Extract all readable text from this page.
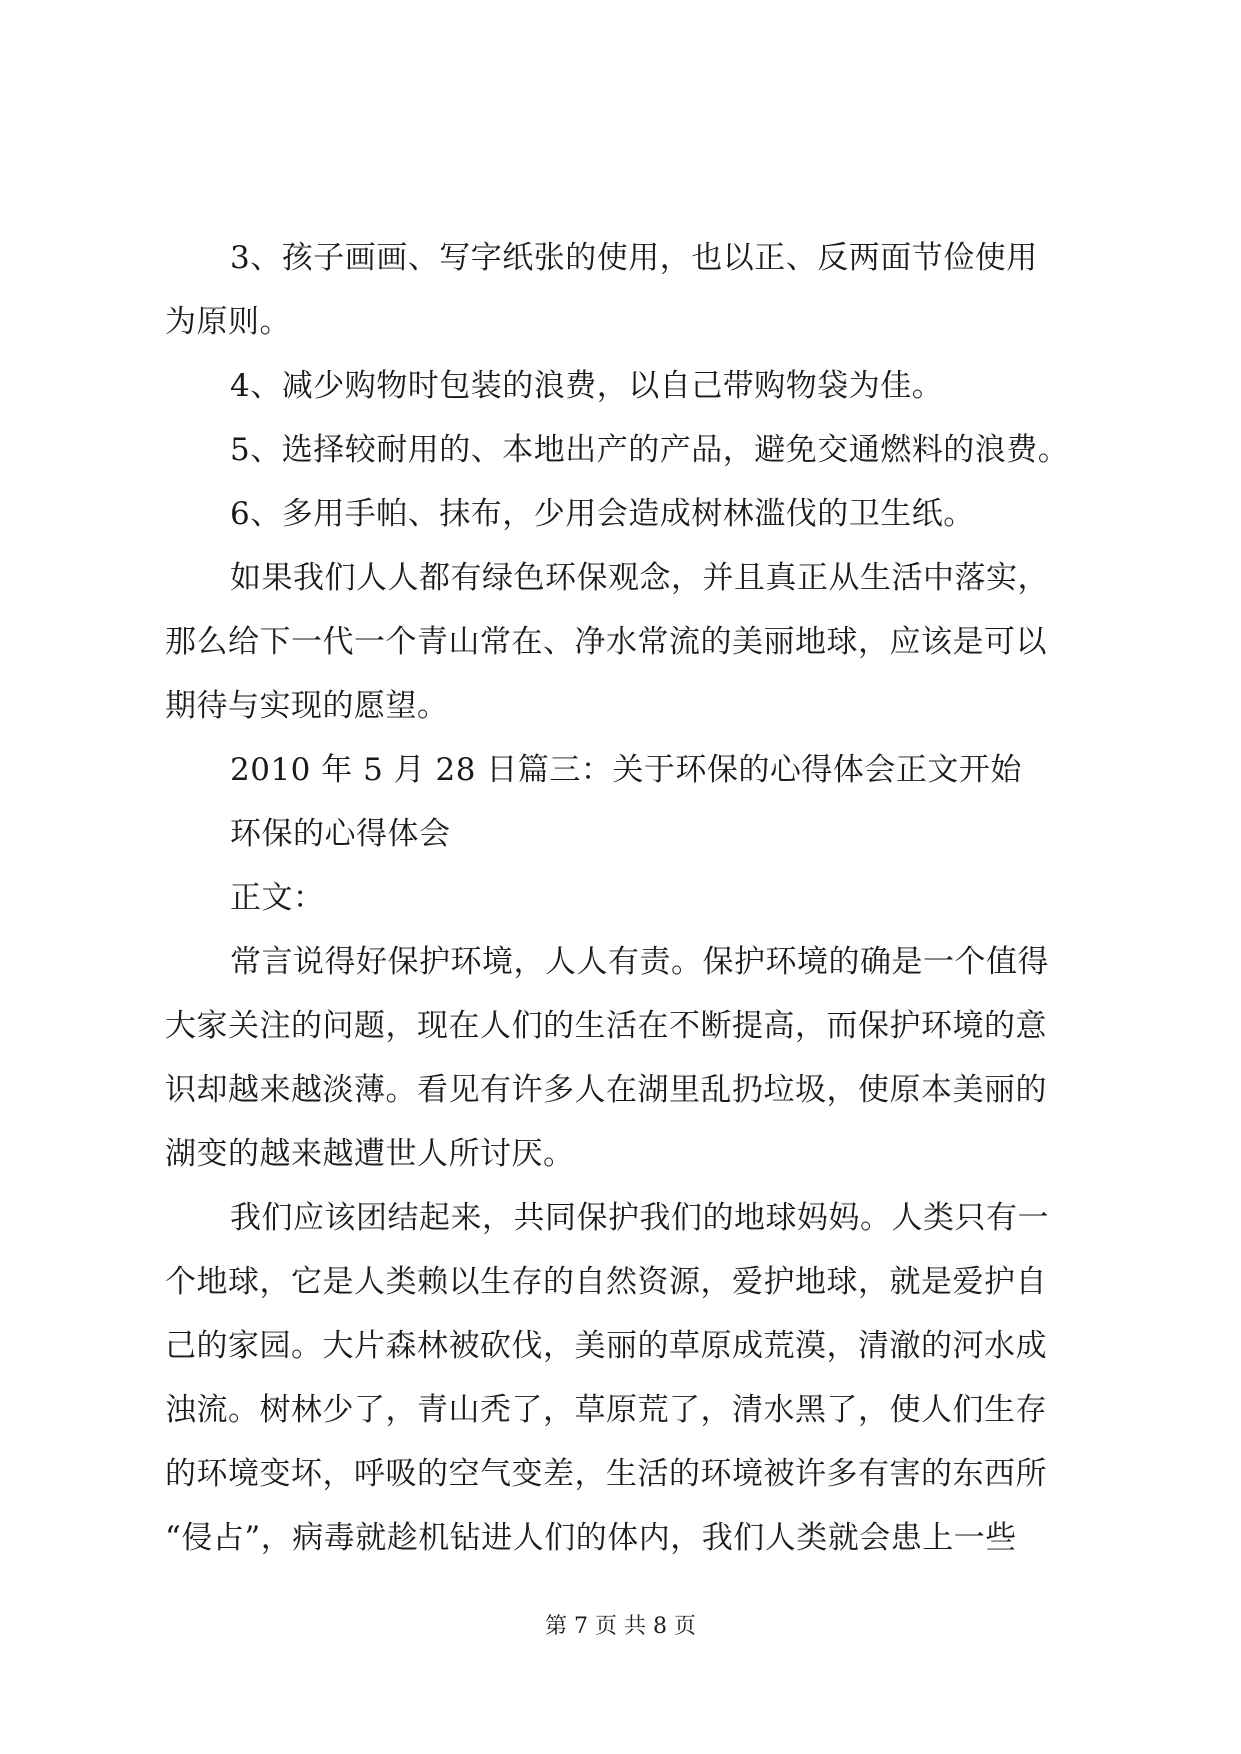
3、孩子画画、写字纸张的使用，也以正、反两面节俭使用
为原则。
4、减少购物时包装的浪费，以自己带购物袋为佳。
5、选择较耐用的、本地出产的产品，避免交通燃料的浪费。
6、多用手帕、抹布，少用会造成树林滥伐的卫生纸。
如果我们人人都有绿色环保观念，并且真正从生活中落实，
那么给下一代一个青山常在、净水常流的美丽地球，应该是可以
期待与实现的愿望。
2010 年 5 月 28 日篇三：关于环保的心得体会正文开始
环保的心得体会
正文：
常言说得好保护环境，人人有责。保护环境的确是一个值得
大家关注的问题，现在人们的生活在不断提高，而保护环境的意
识却越来越淡薄。看见有许多人在湖里乱扔垃圾，使原本美丽的
湖变的越来越遭世人所讨厌。
我们应该团结起来，共同保护我们的地球妈妈。人类只有一
个地球，它是人类赖以生存的自然资源，爱护地球，就是爱护自
己的家园。大片森林被砍伐，美丽的草原成荒漠，清澈的河水成
浊流。树林少了，青山秃了，草原荒了，清水黑了，使人们生存
的环境变坏，呼吸的空气变差，生活的环境被许多有害的东西所
“侵占”，病毒就趁机钻进人们的体内，我们人类就会患上一些
第 7 页 共 8 页
